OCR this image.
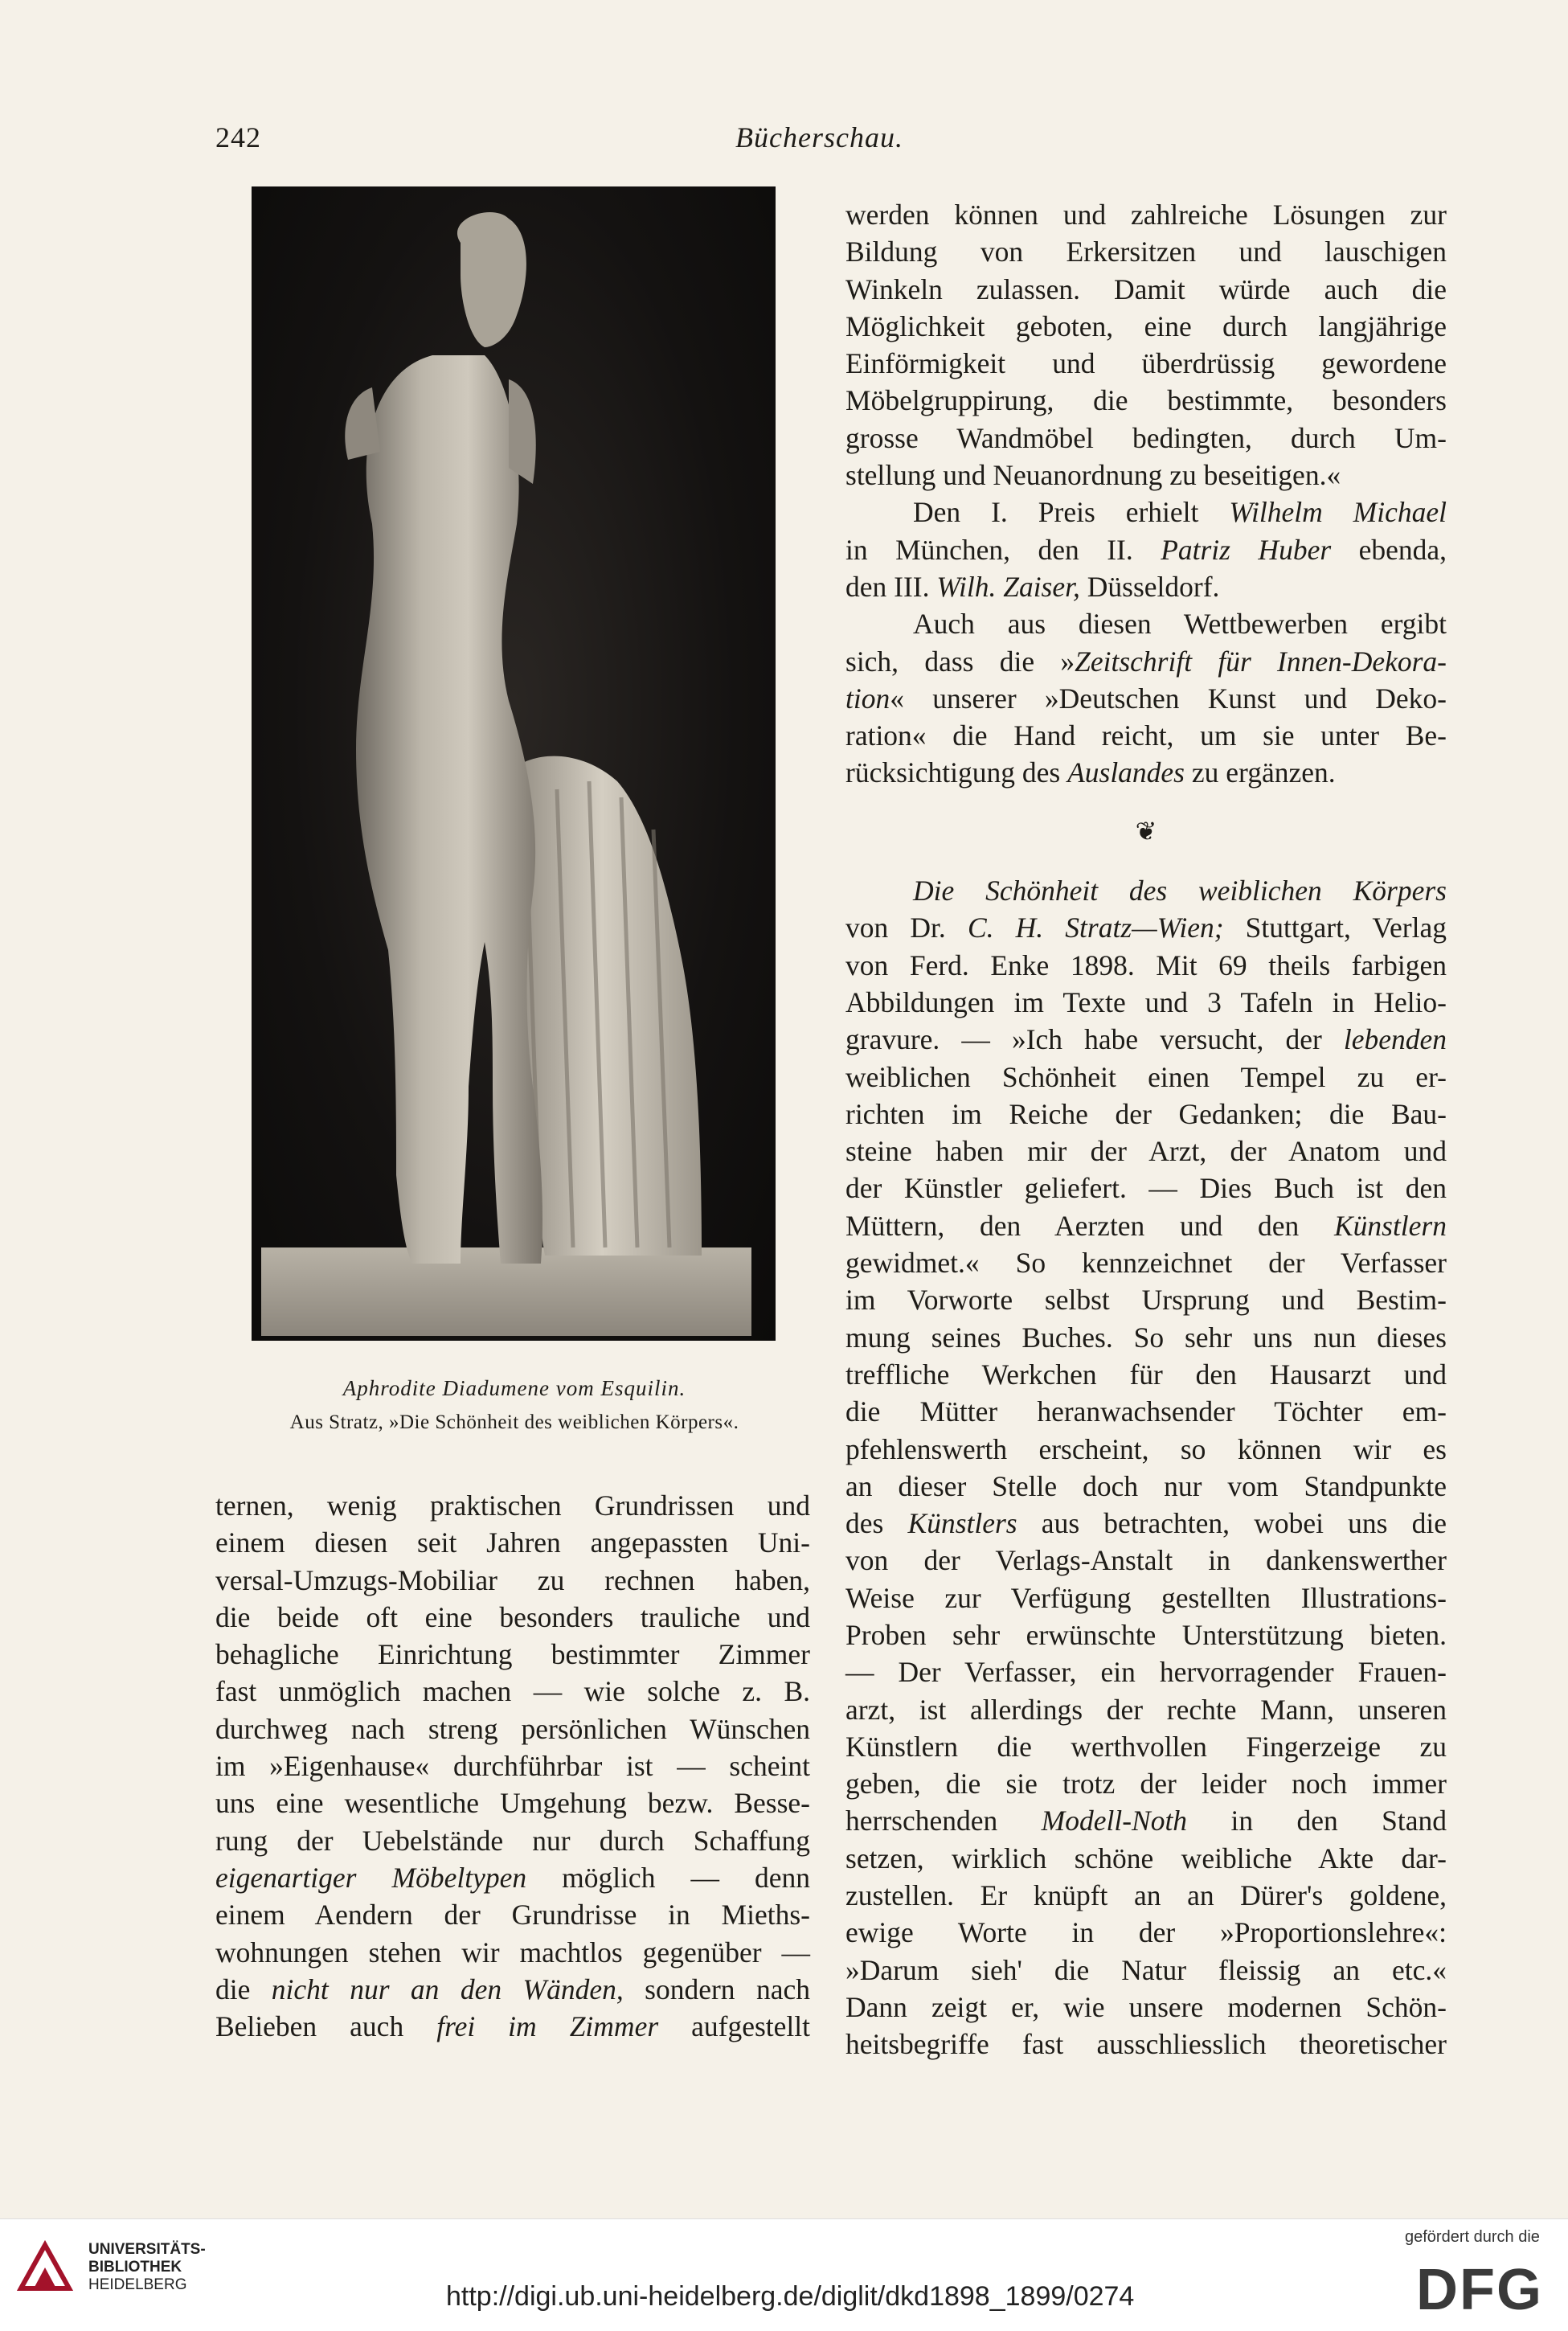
242	Bücherschau.
Aphrodite Diadumene vom Esquilin.
Aus Stratz, »Die Schönheit des weiblichen Körpers«.

werden können und zahlreiche Lösungen zur
Bildung von Erkersitzen und lauschigen
Winkeln zulassen. Damit würde auch die
Möglichkeit geboten, eine durch langjährige
Einförmigkeit und überdrüssig gewordene
Möbelgruppirung, die bestimmte, besonders
grosse Wandmöbel bedingten, durch Um-
stellung und Neuanordnung zu beseitigen.«

Den I. Preis erhielt Wilhelm Michael
in München, den II. Patriz Huber ebenda,
den III. Wilh. Zaiser, Düsseldorf.

Auch aus diesen Wettbewerben ergibt
sich, dass die »Zeitschrift für Innen-Dekora-
tion« unserer »Deutschen Kunst und Deko-
ration« die Hand reicht, um sie unter Be-
rücksichtigung des Auslandes zu ergänzen.

❦

Die Schönheit des weiblichen Körpers
von Dr. C. H. Stratz—Wien; Stuttgart, Verlag
von Ferd. Enke 1898. Mit 69 theils farbigen
Abbildungen im Texte und 3 Tafeln in Helio-
gravure. — »Ich habe versucht, der lebenden
weiblichen Schönheit einen Tempel zu er-
richten im Reiche der Gedanken; die Bau-
steine haben mir der Arzt, der Anatom und
der Künstler geliefert. — Dies Buch ist den
Müttern, den Aerzten und den Künstlern
gewidmet.« So kennzeichnet der Verfasser
im Vorworte selbst Ursprung und Bestim-
mung seines Buches. So sehr uns nun dieses
treffliche Werkchen für den Hausarzt und
die Mütter heranwachsender Töchter em-
pfehlenswerth erscheint, so können wir es
an dieser Stelle doch nur vom Standpunkte
des Künstlers aus betrachten, wobei uns die
von der Verlags-Anstalt in dankenswerther
Weise zur Verfügung gestellten Illustrations-
Proben sehr erwünschte Unterstützung bieten.
— Der Verfasser, ein hervorragender Frauen-
arzt, ist allerdings der rechte Mann, unseren
Künstlern die werthvollen Fingerzeige zu
geben, die sie trotz der leider noch immer
herrschenden Modell-Noth in den Stand
setzen, wirklich schöne weibliche Akte dar-
zustellen. Er knüpft an an Dürer's goldene,
ewige Worte in der »Proportionslehre«:
»Darum sieh' die Natur fleissig an etc.«
Dann zeigt er, wie unsere modernen Schön-
heitsbegriffe fast ausschliesslich theoretischer

ternen, wenig praktischen Grundrissen und
einem diesen seit Jahren angepassten Uni-
versal-Umzugs-Mobiliar zu rechnen haben,
die beide oft eine besonders trauliche und
behagliche Einrichtung bestimmter Zimmer
fast unmöglich machen — wie solche z. B.
durchweg nach streng persönlichen Wünschen
im »Eigenhause« durchführbar ist — scheint
uns eine wesentliche Umgehung bezw. Besse-
rung der Uebelstände nur durch Schaffung
eigenartiger Möbeltypen möglich — denn
einem Aendern der Grundrisse in Mieths-
wohnungen stehen wir machtlos gegenüber —
die nicht nur an den Wänden, sondern nach
Belieben auch frei im Zimmer aufgestellt

UNIVERSITÄTS-
BIBLIOTHEK
HEIDELBERG	http://digi.ub.uni-heidelberg.de/diglit/dkd1898_1899/0274
gefördert durch die
DFG
